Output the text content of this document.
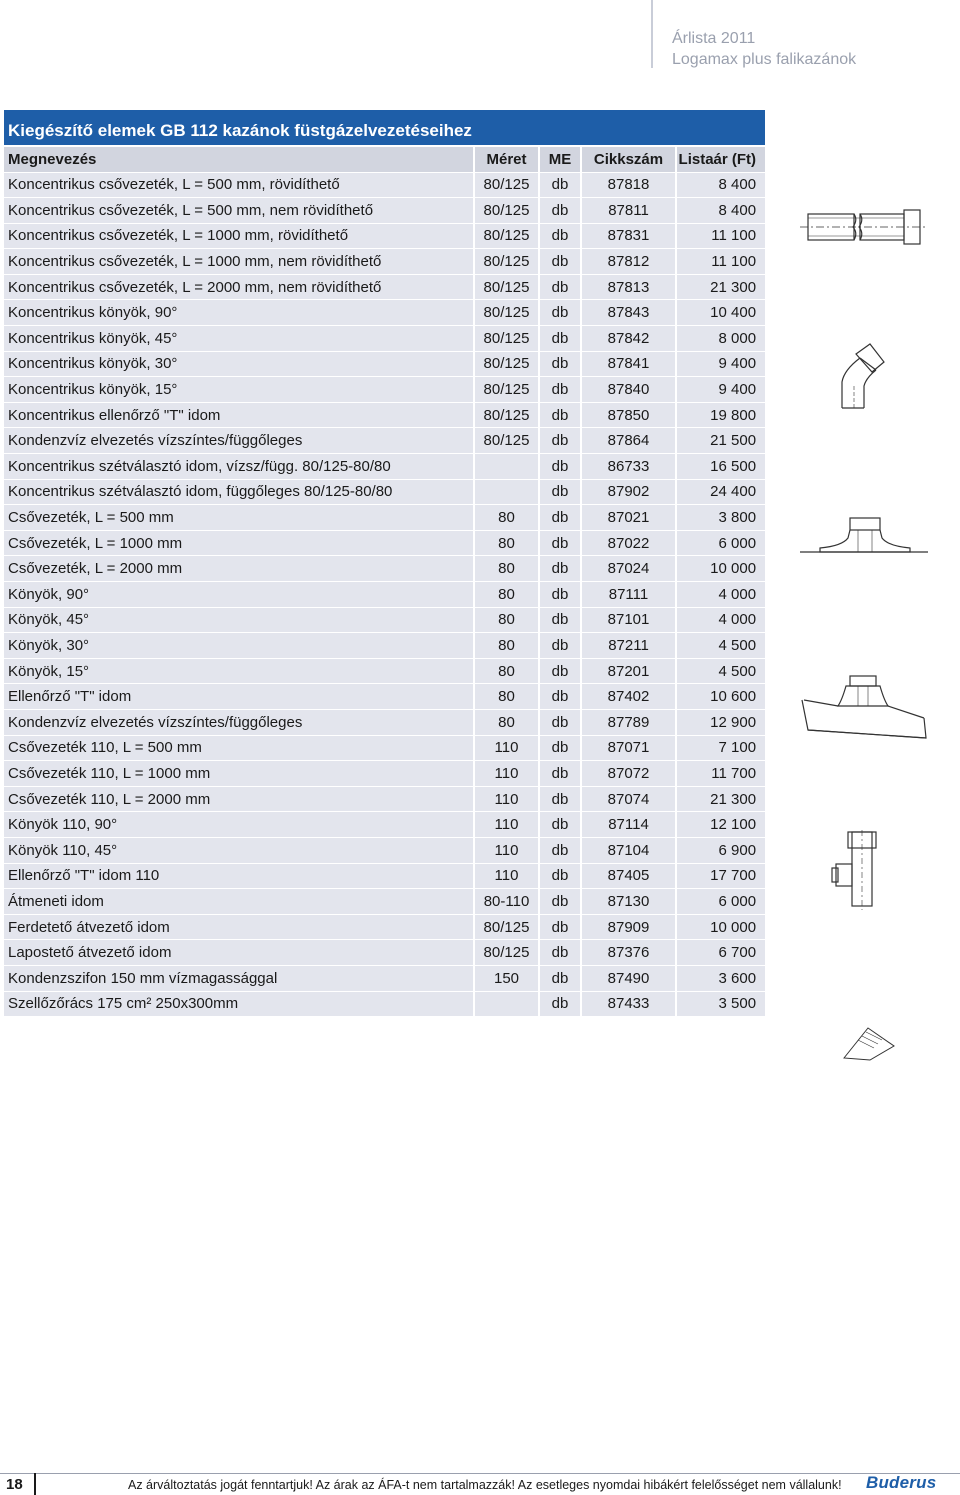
Árlista 2011
Logamax plus falikazánok
Kiegészítő elemek GB 112 kazánok füstgázelvezetéseihez				
Megnevezés	Méret	ME	Cikkszám	Listaár (Ft)
Koncentrikus csővezeték, L = 500 mm, rövidíthető	80/125	db	87818	8 400
Koncentrikus csővezeték, L = 500 mm, nem rövidíthető	80/125	db	87811	8 400
Koncentrikus csővezeték, L = 1000 mm, rövidíthető	80/125	db	87831	11 100
Koncentrikus csővezeték, L = 1000 mm, nem rövidíthető	80/125	db	87812	11 100
Koncentrikus csővezeték, L = 2000 mm, nem rövidíthető	80/125	db	87813	21 300
Koncentrikus könyök, 90°	80/125	db	87843	10 400
Koncentrikus könyök, 45°	80/125	db	87842	8 000
Koncentrikus könyök, 30°	80/125	db	87841	9 400
Koncentrikus könyök, 15°	80/125	db	87840	9 400
Koncentrikus ellenőrző "T" idom	80/125	db	87850	19 800
Kondenzvíz elvezetés vízszíntes/függőleges	80/125	db	87864	21 500
Koncentrikus szétválasztó idom, vízsz/függ. 80/125-80/80		db	86733	16 500
Koncentrikus szétválasztó idom, függőleges 80/125-80/80		db	87902	24 400
Csővezeték, L = 500 mm	80	db	87021	3 800
Csővezeték, L = 1000 mm	80	db	87022	6 000
Csővezeték, L = 2000 mm	80	db	87024	10 000
Könyök, 90°	80	db	87111	4 000
Könyök, 45°	80	db	87101	4 000
Könyök, 30°	80	db	87211	4 500
Könyök, 15°	80	db	87201	4 500
Ellenőrző "T" idom	80	db	87402	10 600
Kondenzvíz elvezetés vízszíntes/függőleges	80	db	87789	12 900
Csővezeték 110, L = 500 mm	110	db	87071	7 100
Csővezeték 110, L = 1000 mm	110	db	87072	11 700
Csővezeték 110, L = 2000 mm	110	db	87074	21 300
Könyök 110, 90°	110	db	87114	12 100
Könyök 110, 45°	110	db	87104	6 900
Ellenőrző "T" idom 110	110	db	87405	17 700
Átmeneti idom	80-110	db	87130	6 000
Ferdetető átvezető idom	80/125	db	87909	10 000
Lapostető átvezető idom	80/125	db	87376	6 700
Kondenzszifon 150 mm vízmagassággal	150	db	87490	3 600
Szellőzőrács 175 cm² 250x300mm		db	87433	3 500
18	Az árváltoztatás jogát fenntartjuk! Az árak az ÁFA-t nem tartalmazzák! Az esetleges nyomdai hibákért felelősséget nem vállalunk! Buderus
